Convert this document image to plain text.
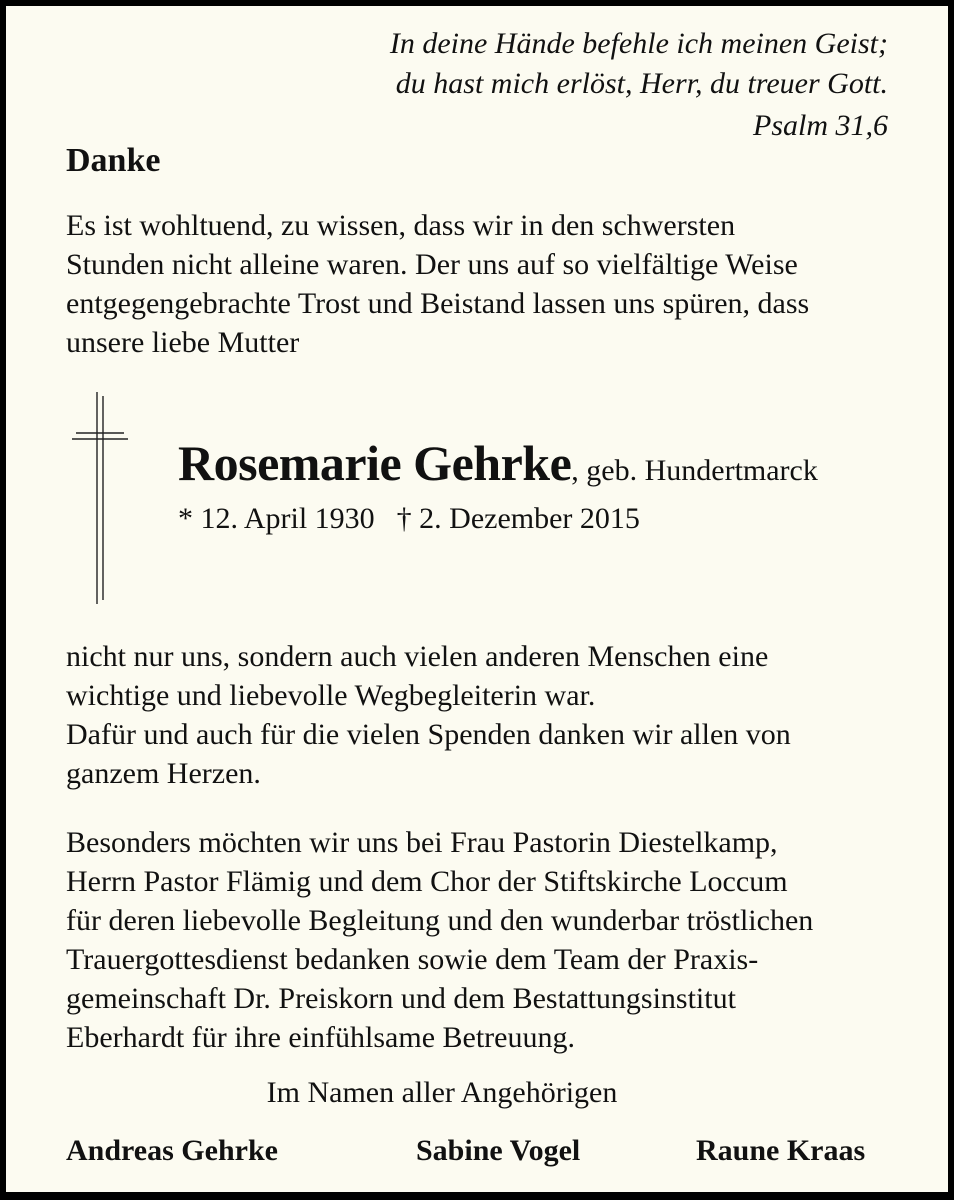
In deine Hände befehle ich meinen Geist;
du hast mich erlöst, Herr, du treuer Gott.
Psalm 31,6
Danke
Es ist wohltuend, zu wissen, dass wir in den schwersten
Stunden nicht alleine waren. Der uns auf so vielfältige Weise
entgegengebrachte Trost und Beistand lassen uns spüren, dass
unsere liebe Mutter
Rosemarie Gehrke, geb. Hundertmarck
* 12. April 1930 † 2. Dezember 2015
nicht nur uns, sondern auch vielen anderen Menschen eine
wichtige und liebevolle Wegbegleiterin war.
Dafür und auch für die vielen Spenden danken wir allen von
ganzem Herzen.
Besonders möchten wir uns bei Frau Pastorin Diestelkamp,
Herrn Pastor Flämig und dem Chor der Stiftskirche Loccum
für deren liebevolle Begleitung und den wunderbar tröstlichen
Trauergottesdienst bedanken sowie dem Team der Praxis-
gemeinschaft Dr. Preiskorn und dem Bestattungsinstitut
Eberhardt für ihre einfühlsame Betreuung.
Im Namen aller Angehörigen
Andreas Gehrke	Sabine Vogel	Raune Kraas
